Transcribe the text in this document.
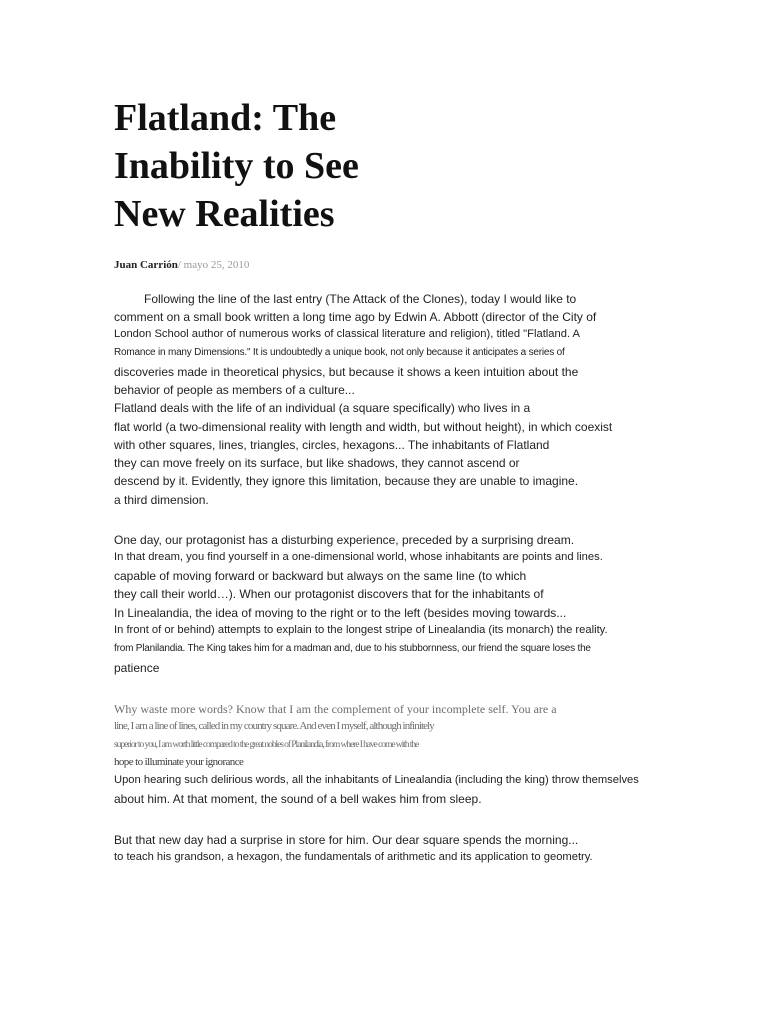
Flatland: The
Inability to See
New Realities
Juan Carrión/ mayo 25, 2010
Following the line of the last entry (The Attack of the Clones), today I would like to
comment on a small book written a long time ago by Edwin A. Abbott (director of the City of
London School author of numerous works of classical literature and religion), titled "Flatland. A
Romance in many Dimensions." It is undoubtedly a unique book, not only because it anticipates a series of
discoveries made in theoretical physics, but because it shows a keen intuition about the
behavior of people as members of a culture...
Flatland deals with the life of an individual (a square specifically) who lives in a
flat world (a two-dimensional reality with length and width, but without height), in which coexist
with other squares, lines, triangles, circles, hexagons... The inhabitants of Flatland
they can move freely on its surface, but like shadows, they cannot ascend or
descend by it. Evidently, they ignore this limitation, because they are unable to imagine.
a third dimension.
One day, our protagonist has a disturbing experience, preceded by a surprising dream.
In that dream, you find yourself in a one-dimensional world, whose inhabitants are points and lines.
capable of moving forward or backward but always on the same line (to which
they call their world…). When our protagonist discovers that for the inhabitants of
In Linealandia, the idea of moving to the right or to the left (besides moving towards...
In front of or behind) attempts to explain to the longest stripe of Linealandia (its monarch) the reality.
from Planilandia. The King takes him for a madman and, due to his stubbornness, our friend the square loses the
patience
Why waste more words? Know that I am the complement of your incomplete self. You are a
line, I am a line of lines, called in my country square. And even I myself, although infinitely
superior to you, I am worth little compared to the great nobles of Planilandia, from where I have come with the
hope to illuminate your ignorance
Upon hearing such delirious words, all the inhabitants of Linealandia (including the king) throw themselves
about him. At that moment, the sound of a bell wakes him from sleep.
But that new day had a surprise in store for him. Our dear square spends the morning...
to teach his grandson, a hexagon, the fundamentals of arithmetic and its application to geometry.
